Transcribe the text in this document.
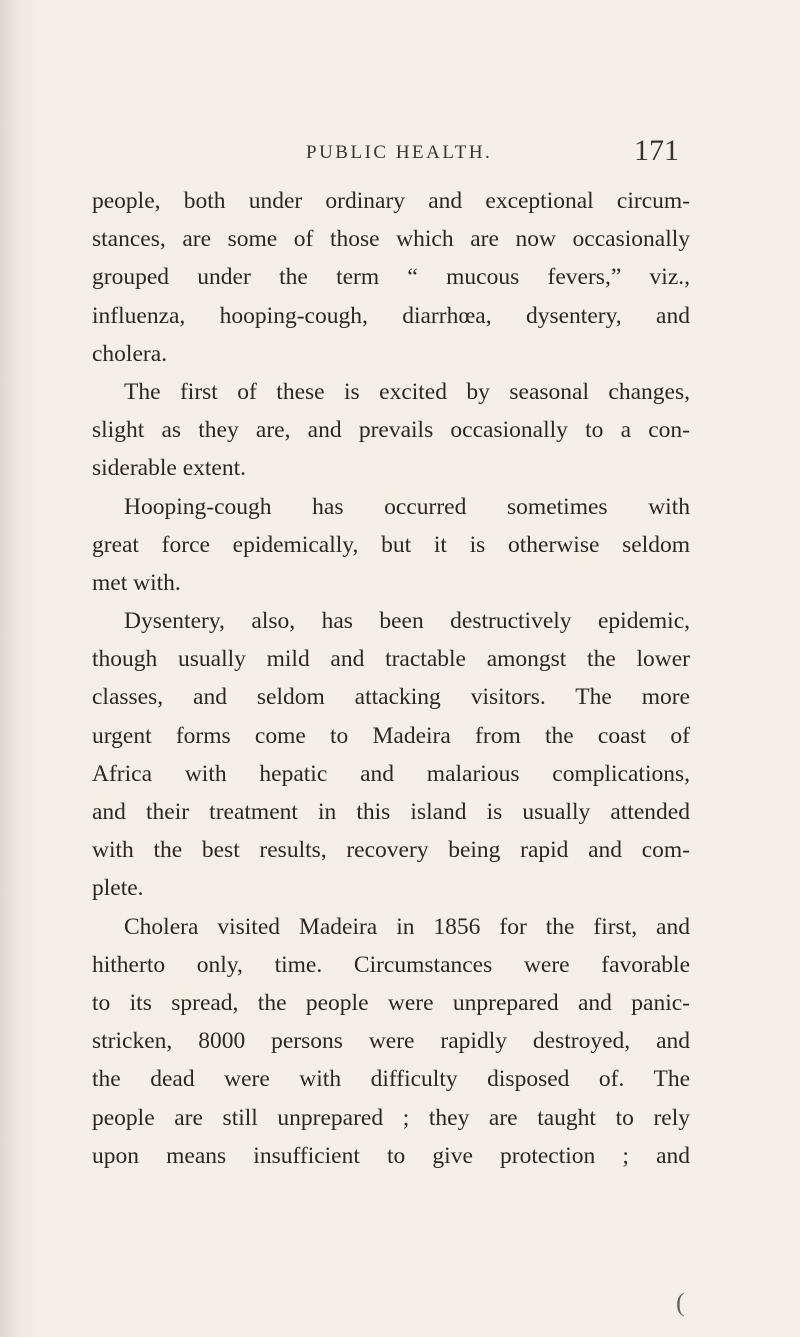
PUBLIC HEALTH.	171
people, both under ordinary and exceptional circum-
stances, are some of those which are now occasionally
grouped under the term “ mucous fevers,” viz.,
influenza, hooping-cough, diarrhœa, dysentery, and
cholera.
The first of these is excited by seasonal changes,
slight as they are, and prevails occasionally to a con-
siderable extent.
Hooping-cough has occurred sometimes with
great force epidemically, but it is otherwise seldom
met with.
Dysentery, also, has been destructively epidemic,
though usually mild and tractable amongst the lower
classes, and seldom attacking visitors. The more
urgent forms come to Madeira from the coast of
Africa with hepatic and malarious complications,
and their treatment in this island is usually attended
with the best results, recovery being rapid and com-
plete.
Cholera visited Madeira in 1856 for the first, and
hitherto only, time. Circumstances were favorable
to its spread, the people were unprepared and panic-
stricken, 8000 persons were rapidly destroyed, and
the dead were with difficulty disposed of. The
people are still unprepared ; they are taught to rely
upon means insufficient to give protection ; and
(
